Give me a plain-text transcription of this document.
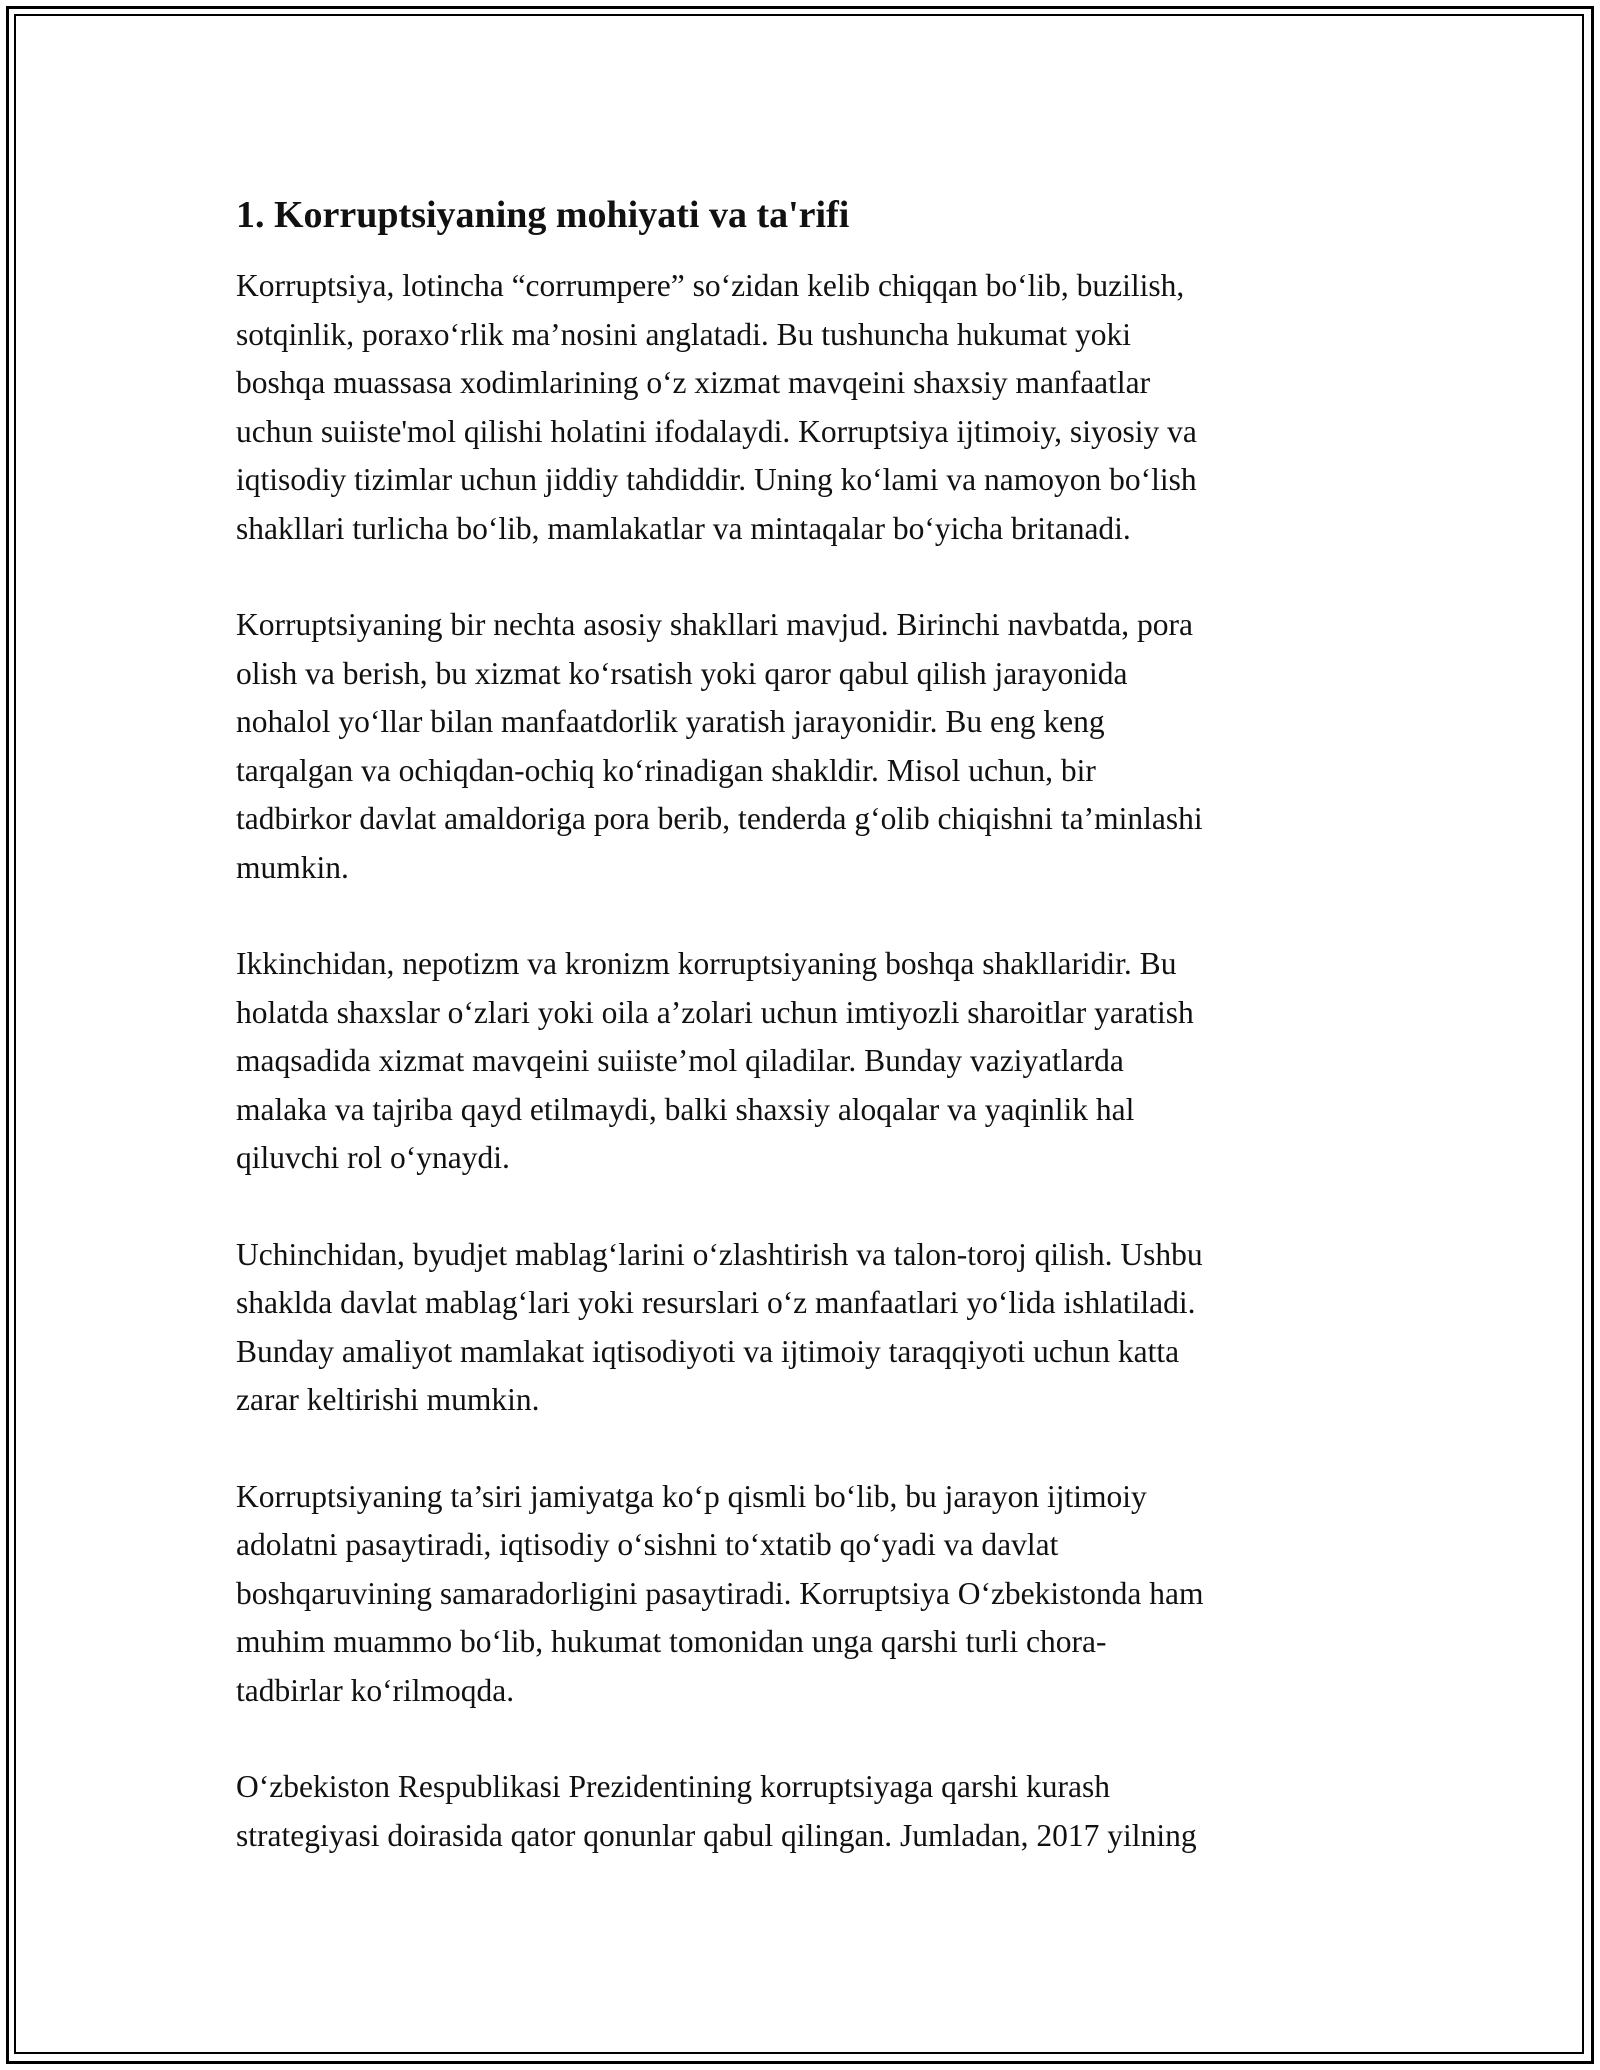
1. Korruptsiyaning mohiyati va ta'rifi
Korruptsiya, lotincha “corrumpere” so‘zidan kelib chiqqan bo‘lib, buzilish,
sotqinlik, poraxo‘rlik ma’nosini anglatadi. Bu tushuncha hukumat yoki
boshqa muassasa xodimlarining o‘z xizmat mavqeini shaxsiy manfaatlar
uchun suiiste'mol qilishi holatini ifodalaydi. Korruptsiya ijtimoiy, siyosiy va
iqtisodiy tizimlar uchun jiddiy tahdiddir. Uning ko‘lami va namoyon bo‘lish
shakllari turlicha bo‘lib, mamlakatlar va mintaqalar bo‘yicha britanadi.
Korruptsiyaning bir nechta asosiy shakllari mavjud. Birinchi navbatda, pora
olish va berish, bu xizmat ko‘rsatish yoki qaror qabul qilish jarayonida
nohalol yo‘llar bilan manfaatdorlik yaratish jarayonidir. Bu eng keng
tarqalgan va ochiqdan-ochiq ko‘rinadigan shakldir. Misol uchun, bir
tadbirkor davlat amaldoriga pora berib, tenderda g‘olib chiqishni ta’minlashi
mumkin.
Ikkinchidan, nepotizm va kronizm korruptsiyaning boshqa shakllaridir. Bu
holatda shaxslar o‘zlari yoki oila a’zolari uchun imtiyozli sharoitlar yaratish
maqsadida xizmat mavqeini suiiste’mol qiladilar. Bunday vaziyatlarda
malaka va tajriba qayd etilmaydi, balki shaxsiy aloqalar va yaqinlik hal
qiluvchi rol o‘ynaydi.
Uchinchidan, byudjet mablag‘larini o‘zlashtirish va talon-toroj qilish. Ushbu
shaklda davlat mablag‘lari yoki resurslari o‘z manfaatlari yo‘lida ishlatiladi.
Bunday amaliyot mamlakat iqtisodiyoti va ijtimoiy taraqqiyoti uchun katta
zarar keltirishi mumkin.
Korruptsiyaning ta’siri jamiyatga ko‘p qismli bo‘lib, bu jarayon ijtimoiy
adolatni pasaytiradi, iqtisodiy o‘sishni to‘xtatib qo‘yadi va davlat
boshqaruvining samaradorligini pasaytiradi. Korruptsiya O‘zbekistonda ham
muhim muammo bo‘lib, hukumat tomonidan unga qarshi turli chora-
tadbirlar ko‘rilmoqda.
O‘zbekiston Respublikasi Prezidentining korruptsiyaga qarshi kurash
strategiyasi doirasida qator qonunlar qabul qilingan. Jumladan, 2017 yilning
